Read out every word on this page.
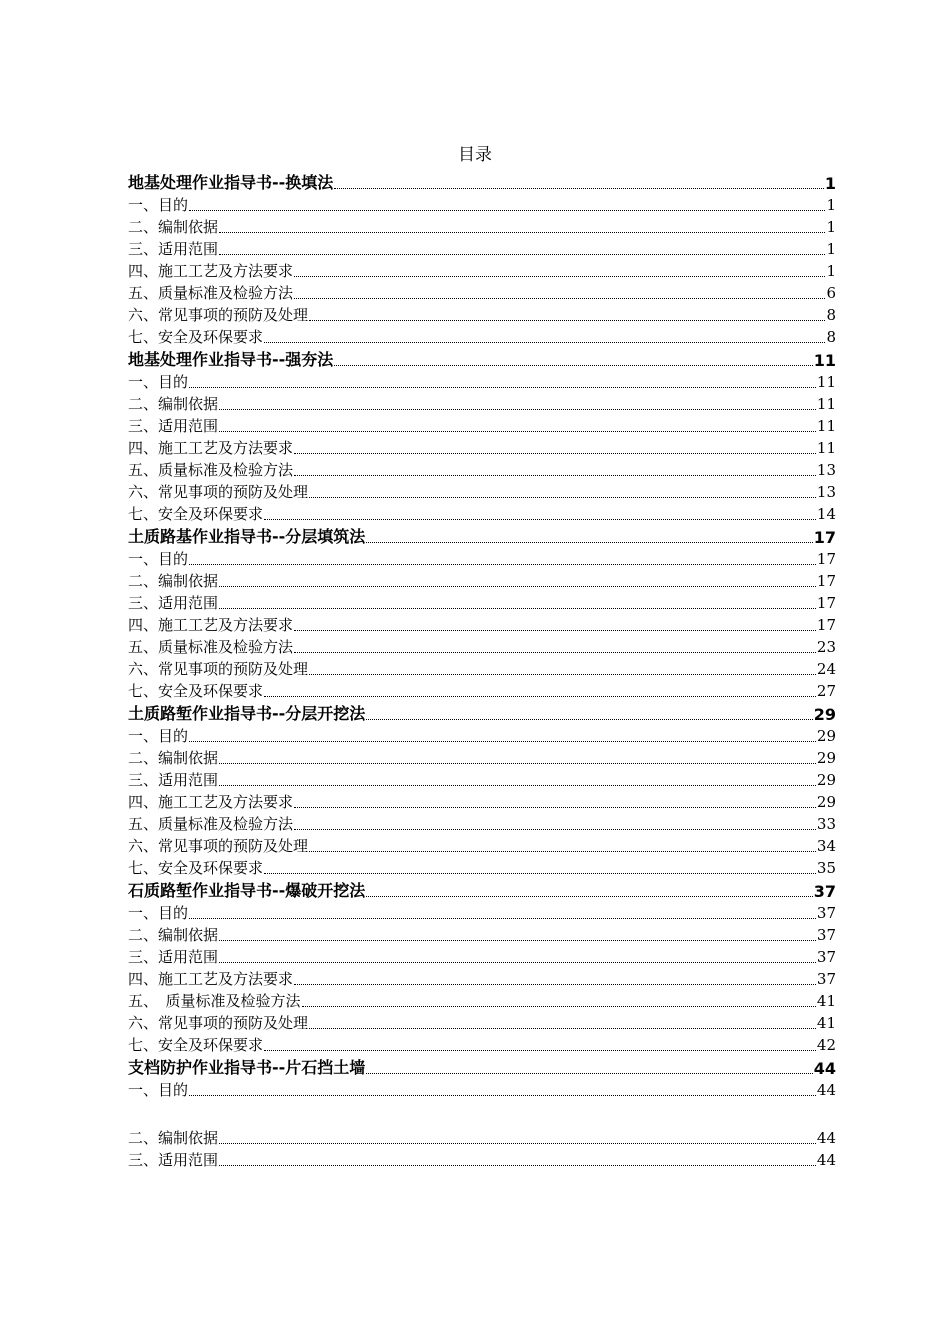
目录
地基处理作业指导书--换填法	1
一、目的	1
二、编制依据	1
三、适用范围	1
四、施工工艺及方法要求	1
五、质量标准及检验方法	6
六、常见事项的预防及处理	8
七、安全及环保要求	8
地基处理作业指导书--强夯法	11
一、目的	11
二、编制依据	11
三、适用范围	11
四、施工工艺及方法要求	11
五、质量标准及检验方法	13
六、常见事项的预防及处理	13
七、安全及环保要求	14
土质路基作业指导书--分层填筑法	17
一、目的	17
二、编制依据	17
三、适用范围	17
四、施工工艺及方法要求	17
五、质量标准及检验方法	23
六、常见事项的预防及处理	24
七、安全及环保要求	27
土质路堑作业指导书--分层开挖法	29
一、目的	29
二、编制依据	29
三、适用范围	29
四、施工工艺及方法要求	29
五、质量标准及检验方法	33
六、常见事项的预防及处理	34
七、安全及环保要求	35
石质路堑作业指导书--爆破开挖法	37
一、目的	37
二、编制依据	37
三、适用范围	37
四、施工工艺及方法要求	37
五、　质量标准及检验方法	41
六、常见事项的预防及处理	41
七、安全及环保要求	42
支档防护作业指导书--片石挡土墙	44
一、目的	44
二、编制依据	44
三、适用范围	44
